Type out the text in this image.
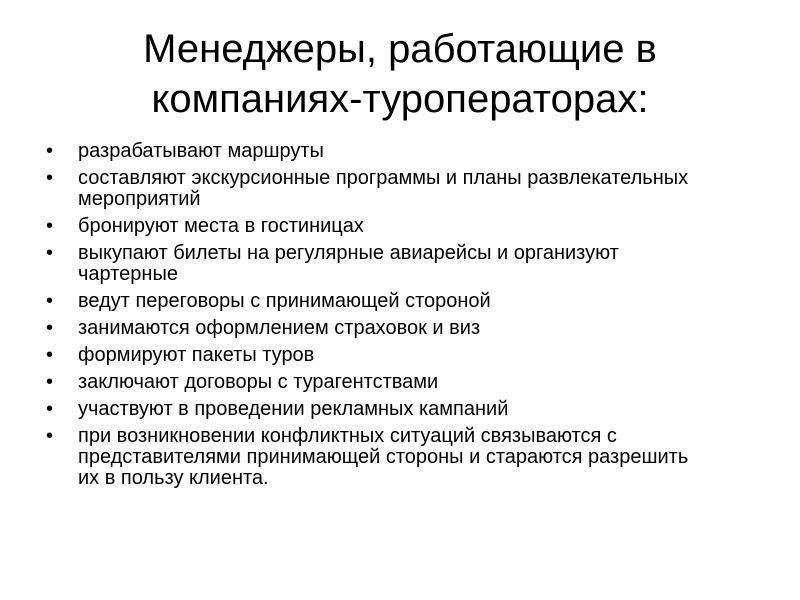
Менеджеры, работающие в
компаниях-туроператорах:
• разрабатывают маршруты
• составляют экскурсионные программы и планы развлекательных мероприятий
• бронируют места в гостиницах
• выкупают билеты на регулярные авиарейсы и организуют чартерные
• ведут переговоры с принимающей стороной
• занимаются оформлением страховок и виз
• формируют пакеты туров
• заключают договоры с турагентствами
• участвуют в проведении рекламных кампаний
• при возникновении конфликтных ситуаций связываются с представителями принимающей стороны и стараются разрешить их в пользу клиента.
